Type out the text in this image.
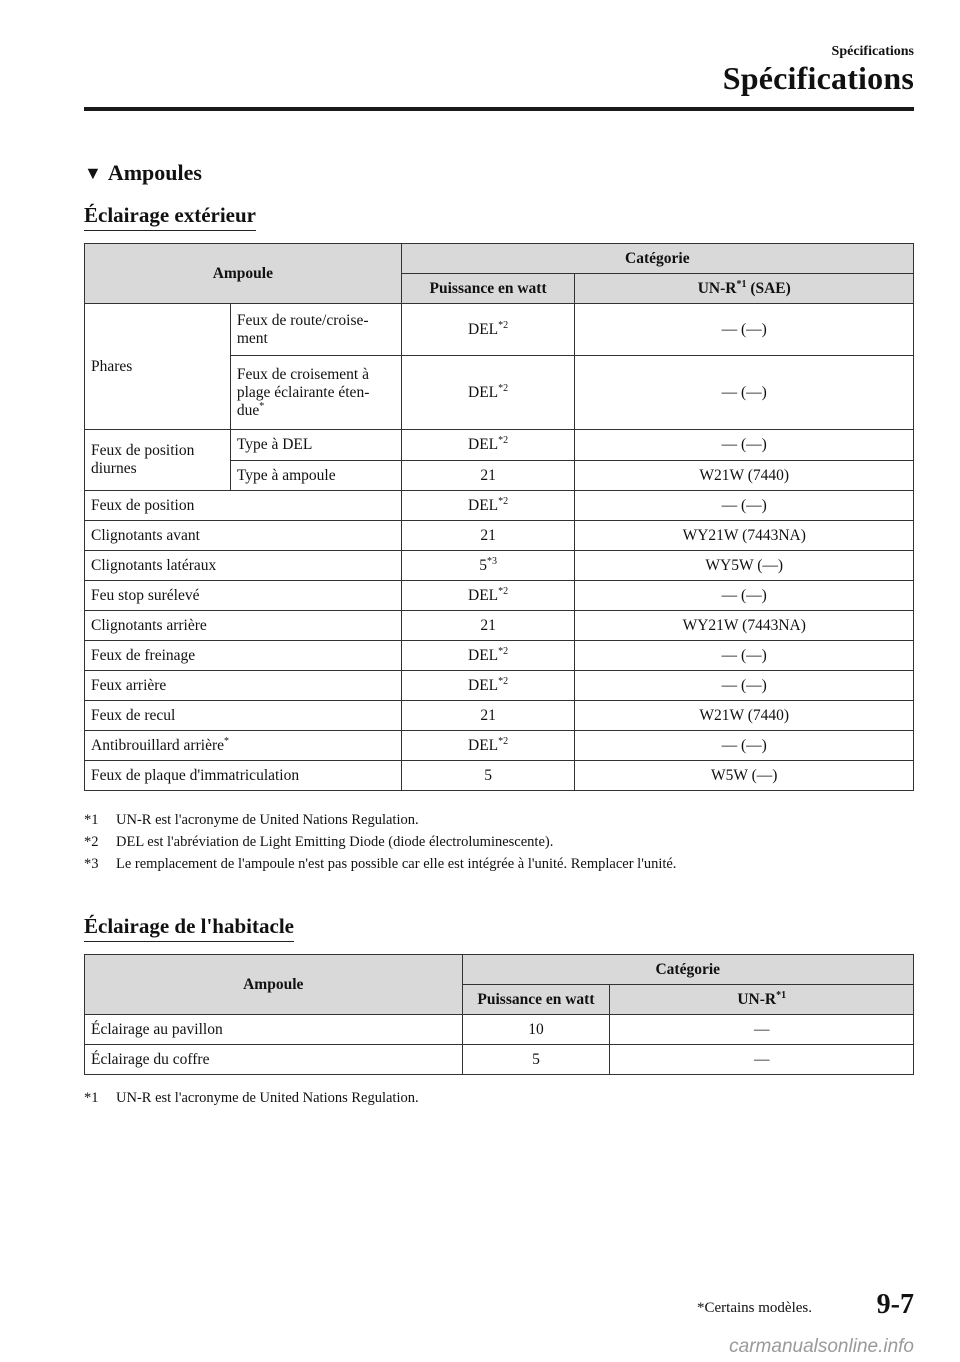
Spécifications
Spécifications
▼ Ampoules
Éclairage extérieur
Ampoule		Catégorie	
		Puissance en watt	$UN-R^{*1}$ (SAE)
Phares	Feux de route/croise-ment	DEL$^{*2}$	— (—)
	Feux de croisement à plage éclairante éten-due*	DEL$^{*2}$	— (—)
Feux de position diurnes	Type à DEL	DEL$^{*2}$	— (—)
	Type à ampoule	21	W21W (7440)
Feux de position		DEL$^{*2}$	— (—)
Clignotants avant		21	WY21W (7443NA)
Clignotants latéraux		5$^{*3}$	WY5W (—)
Feu stop surélevé		DEL$^{*2}$	— (—)
Clignotants arrière		21	WY21W (7443NA)
Feux de freinage		DEL$^{*2}$	— (—)
Feux arrière		DEL$^{*2}$	— (—)
Feux de recul		21	W21W (7440)
Antibrouillard arrière*		DEL$^{*2}$	— (—)
Feux de plaque d'immatriculation		5	W5W (—)
*1 UN-R est l'acronyme de United Nations Regulation.
*2 DEL est l'abréviation de Light Emitting Diode (diode électroluminescente).
*3 Le remplacement de l'ampoule n'est pas possible car elle est intégrée à l'unité. Remplacer l'unité.
Éclairage de l'habitacle
Ampoule	Catégorie	
	Puissance en watt	$UN-R^{*1}$
Éclairage au pavillon	10	—
Éclairage du coffre	5	—
*1 UN-R est l'acronyme de United Nations Regulation.
*Certains modèles. 9-7
carmanualsonline.info
